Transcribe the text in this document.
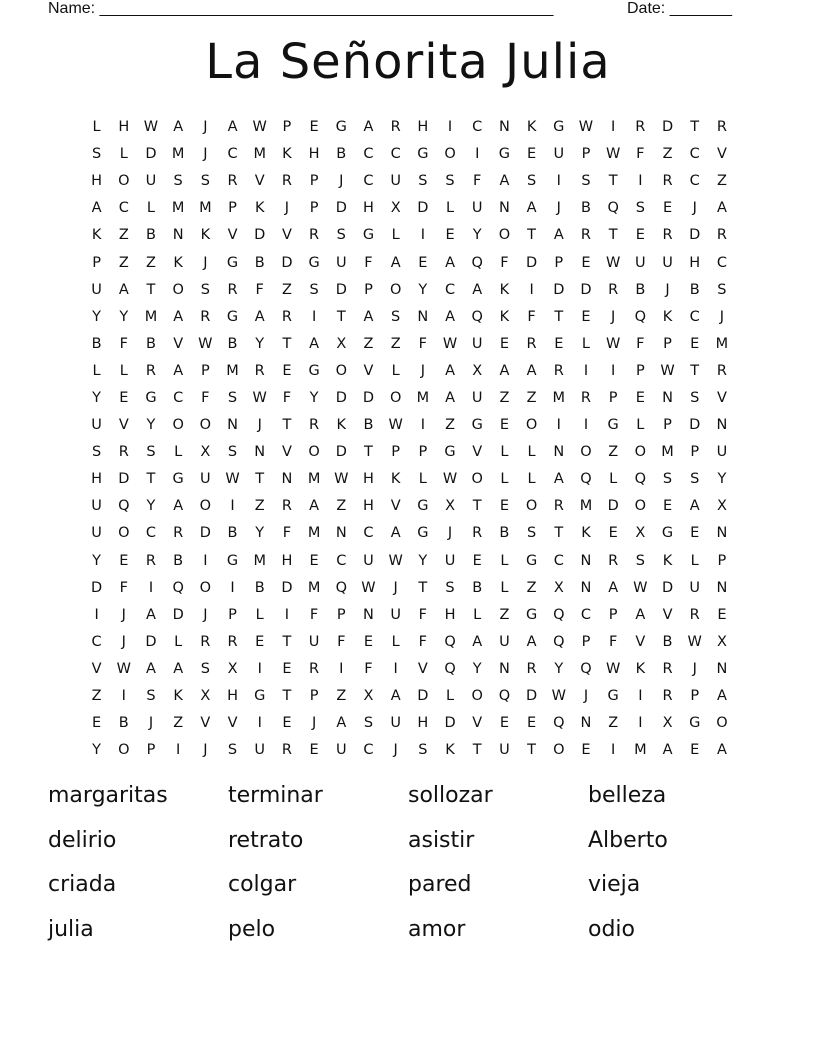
Name: ___________________________________________________	Date: _______
La Señorita Julia
L	H	W	A	J	A	W	P	E	G	A	R	H	I	C	N	K	G W	I	R	D	T	R
S	L	D	M	J	C	M	K	H	B	C	C	G	O	I	G	E	U	P	W	F	Z	C	V
H	O	U	S	S	R	V	R	P	J	C	U	S	S	F	A	S	I	S	T	I	R	C	Z
A	C	L	M	M	P	K	J	P	D	H	X	D	L	U	N	A	J	B	Q	S	E	J	A
K	Z	B	N	K	V	D	V	R	S	G	L	I	E	Y	O	T	A	R	T	E	R	D	R
P	Z	Z	K	J	G	B	D	G	U	F	A	E	A	Q	F	D	P	E	W	U	U	H	C
U	A	T	O	S	R	F	Z	S	D	P	O	Y	C	A	K	I	D	D	R	B	J	B	S
Y	Y	M	A	R	G	A	R	I	T	A	S	N	A	Q	K	F	T	E	J	Q	K	C	J
B	F	B	V	W	B	Y	T	A	X	Z	Z	F	W	U	E	R	E	L	W	F	P	E	M
L	L	R	A	P	M	R	E	G	O	V	L	J	A	X	A	A	R	I	I	P	W	T	R
Y	E	G	C	F	S	W	F	Y	D	D	O	M	A	U	Z	Z	M	R	P	E	N	S	V
U	V	Y	O	O	N	J	T	R	K	B	W	I	Z	G	E	O	I	I	G	L	P	D	N
S	R	S	L	X	S	N	V	O	D	T	P	P	G	V	L	L	N	O	Z	O	M	P	U
H	D	T	G	U	W	T	N	M W	H	K	L	W O	L	L	A	Q	L	Q	S	S	Y
U	Q	Y	A	O	I	Z	R	A	Z	H	V	G	X	T	E	O	R	M	D	O	E	A	X
U	O	C	R	D	B	Y	F	M	N	C	A	G	J	R	B	S	T	K	E	X	G	E	N
Y	E	R	B	I	G	M	H	E	C	U	W	Y	U	E	L	G	C	N	R	S	K	L	P
D	F	I	Q	O	I	B	D	M	Q W	J	T	S	B	L	Z	X	N	A	W D	U	N
I	J	A	D	J	P	L	I	F	P	N	U	F	H	L	Z	G	Q	C	P	A	V	R	E
C	J	D	L	R	R	E	T	U	F	E	L	F	Q	A	U	A	Q	P	F	V	B	W	X
V	W	A	A	S	X	I	E	R	I	F	I	V	Q	Y	N	R	Y	Q W	K	R	J	N
Z	I	S	K	X	H	G	T	P	Z	X	A	D	L	O	Q	D W	J	G	I	R	P	A
E	B	J	Z	V	V	I	E	J	A	S	U	H	D	V	E	E	Q	N	Z	I	X	G	O
Y	O	P	I	J	S	U	R	E	U	C	J	S	K	T	U	T	O	E	I	M	A	E	A
margaritas	terminar	sollozar	belleza
delirio	retrato	asistir	Alberto
criada	colgar	pared	vieja
julia	pelo	amor	odio
